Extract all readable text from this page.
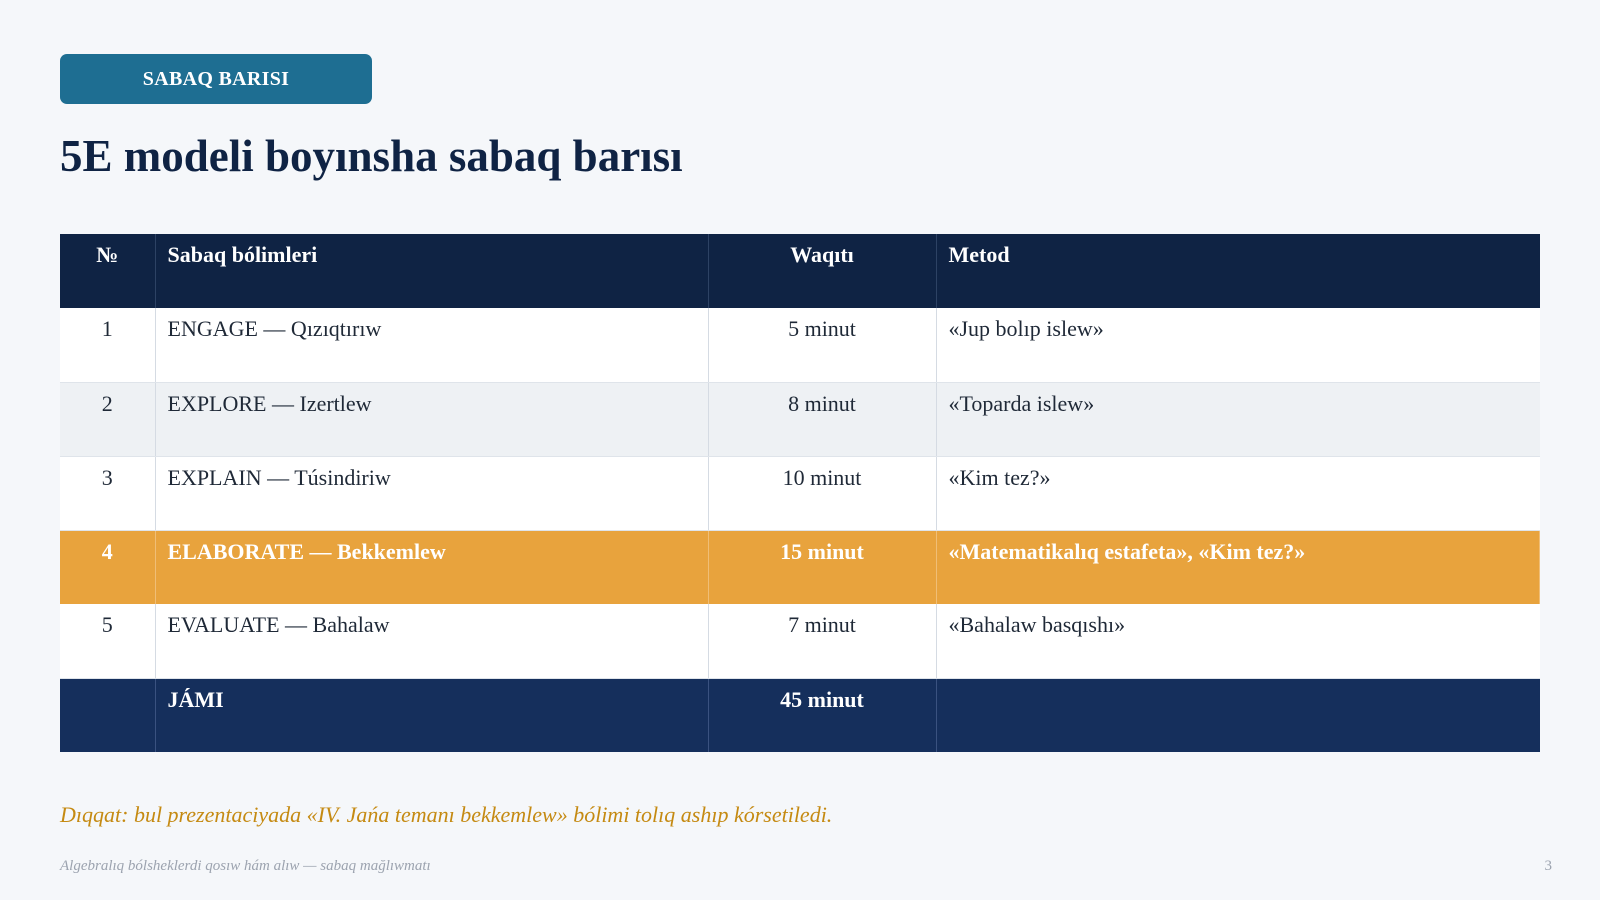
SABAQ BARISI
5E modeli boyınsha sabaq barısı
№	Sabaq bólimleri	Waqıtı	Metod
1	ENGAGE — Qızıqtırıw	5 minut	«Jup bolıp islew»
2	EXPLORE — Izertlew	8 minut	«Toparda islew»
3	EXPLAIN — Túsindiriw	10 minut	«Kim tez?»
4	ELABORATE — Bekkemlew	15 minut	«Matematikalıq estafeta», «Kim tez?»
5	EVALUATE — Bahalaw	7 minut	«Bahalaw basqıshı»
	JÁMI	45 minut	
Dıqqat: bul prezentaciyada «IV. Jańa temanı bekkemlew» bólimi tolıq ashıp kórsetiledi.
Algebralıq bólsheklerdi qosıw hám alıw — sabaq mağlıwmatı	3
